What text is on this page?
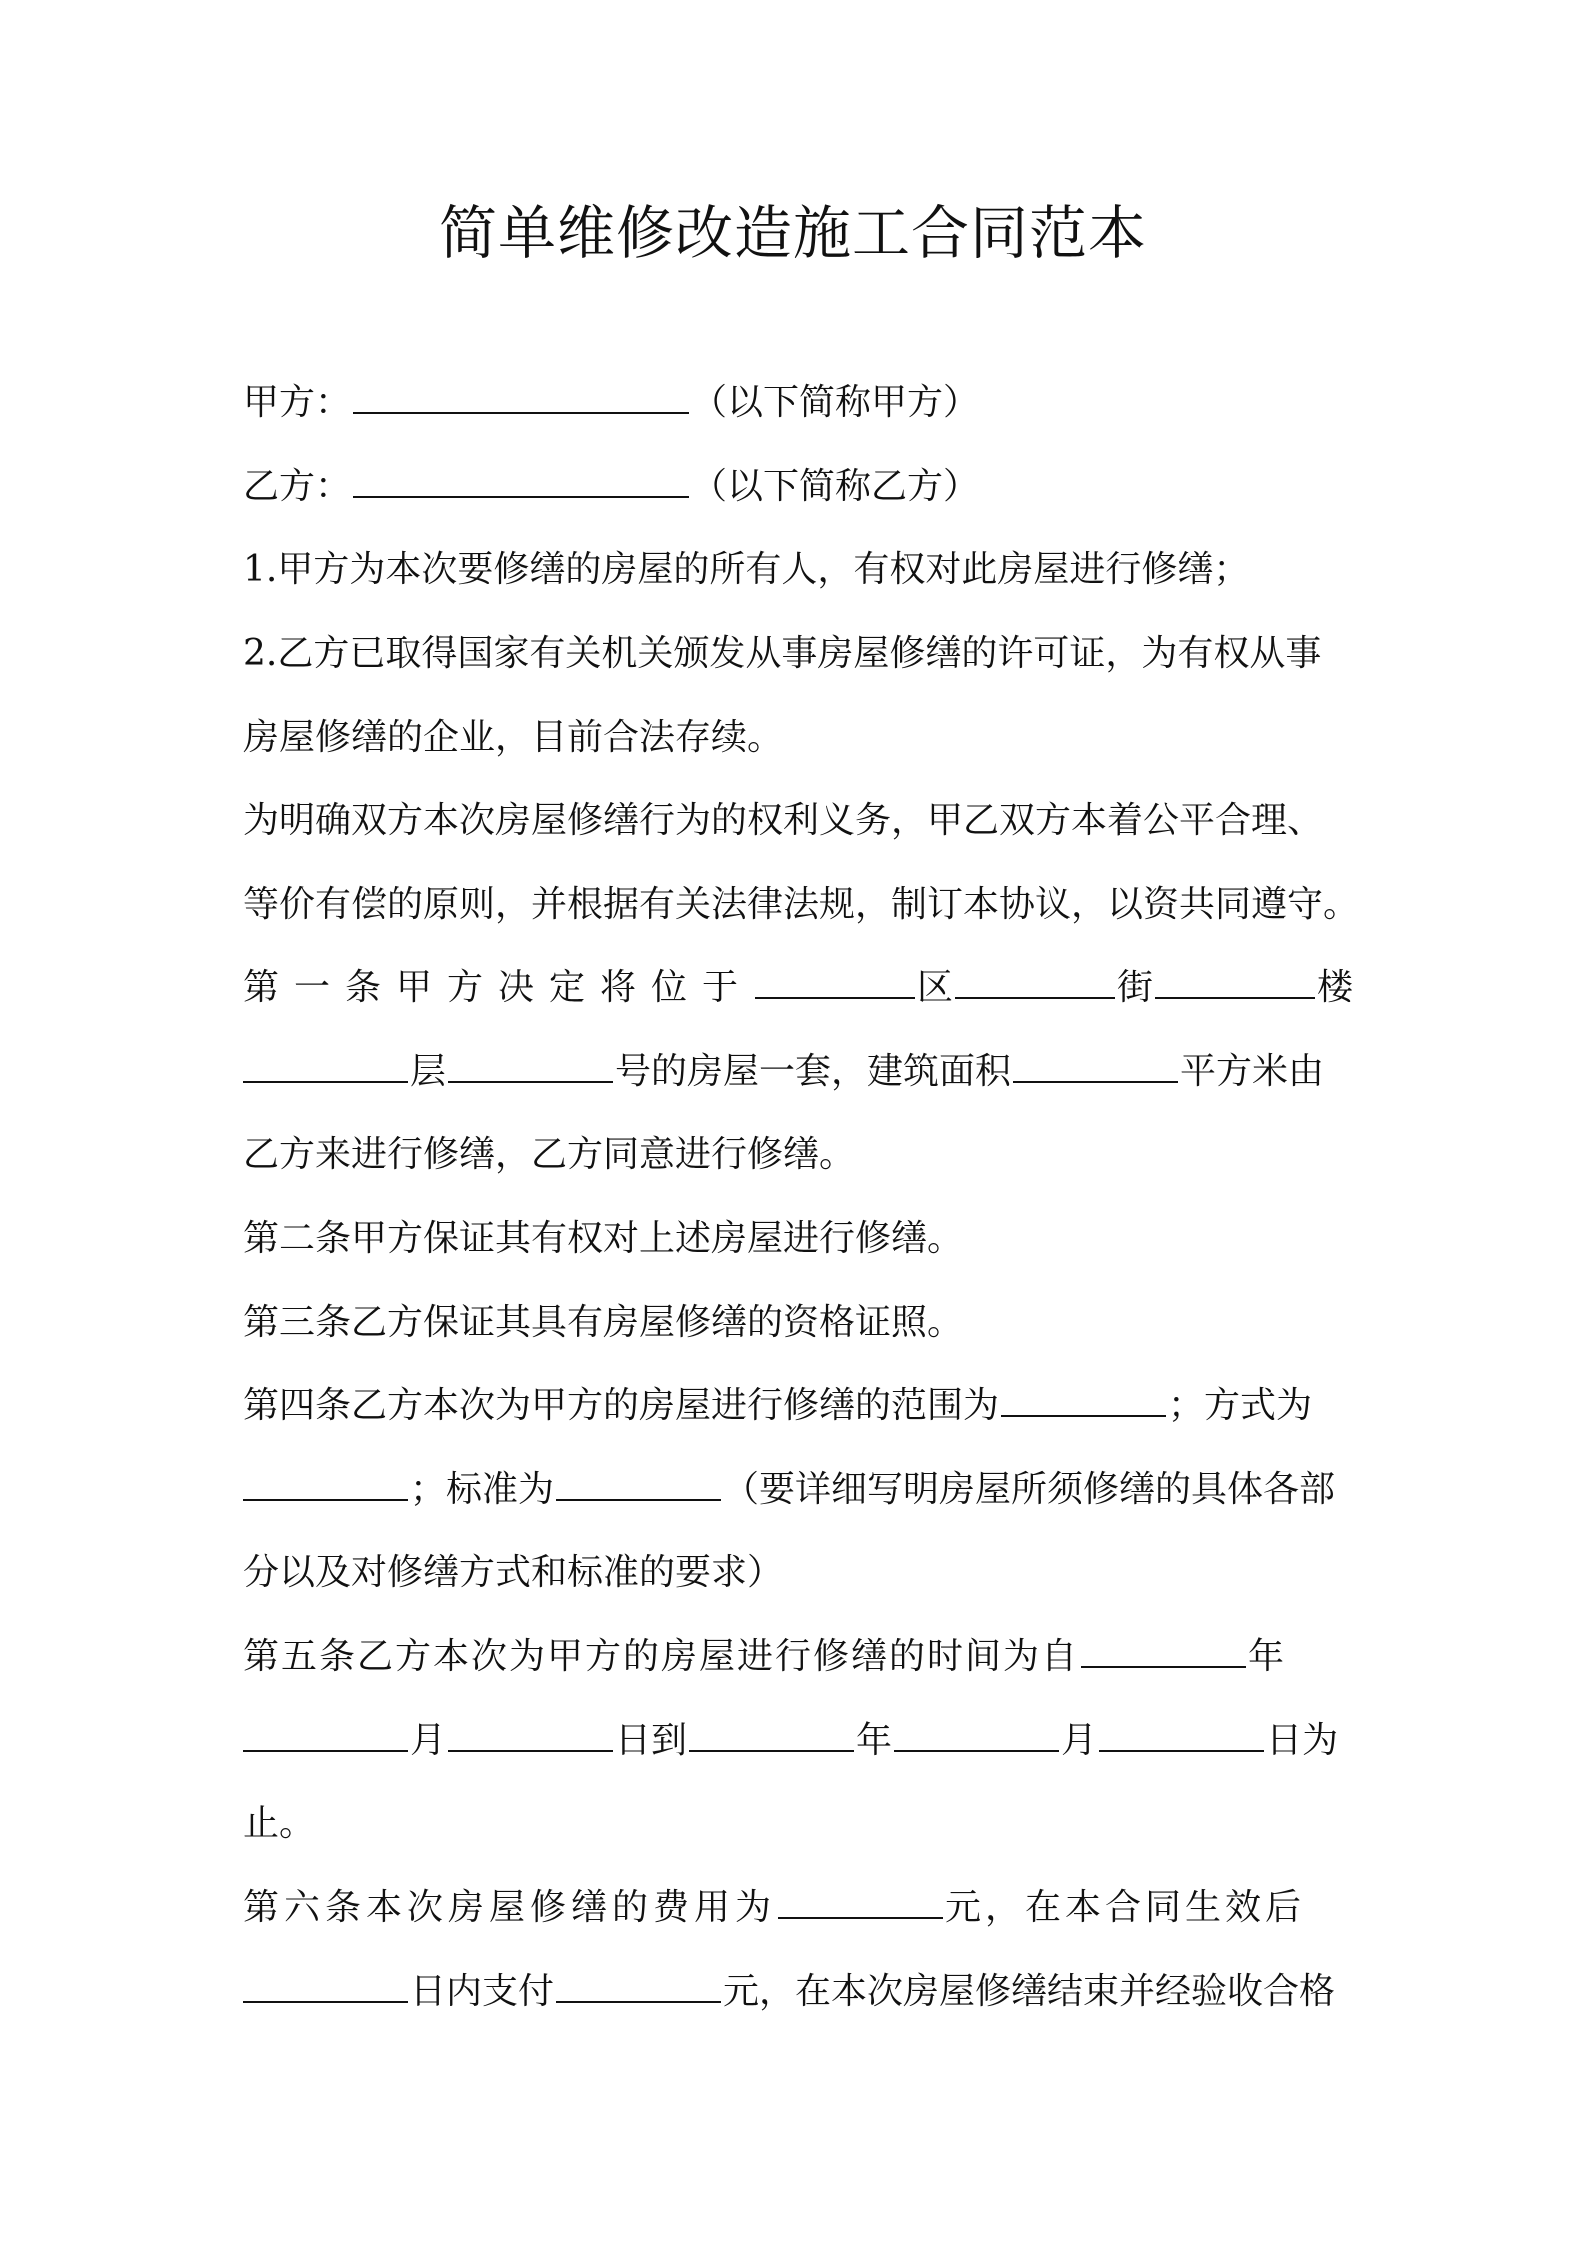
简单维修改造施工合同范本
甲方：	（以下简称甲方）
乙方：	（以下简称乙方）
1.甲方为本次要修缮的房屋的所有人，有权对此房屋进行修缮；
2.乙方已取得国家有关机关颁发从事房屋修缮的许可证，为有权从事
房屋修缮的企业，目前合法存续。
为明确双方本次房屋修缮行为的权利义务，甲乙双方本着公平合理、
等价有偿的原则，并根据有关法律法规，制订本协议，以资共同遵守。
第一条甲方决定将位于	区	街	楼
层	号的房屋一套，建筑面积	平方米由
乙方来进行修缮，乙方同意进行修缮。
第二条甲方保证其有权对上述房屋进行修缮。
第三条乙方保证其具有房屋修缮的资格证照。
第四条乙方本次为甲方的房屋进行修缮的范围为	；方式为
；标准为	（要详细写明房屋所须修缮的具体各部
分以及对修缮方式和标准的要求）
第五条乙方本次为甲方的房屋进行修缮的时间为自	年
月	日到	年	月	日为
止。
第六条本次房屋修缮的费用为	元，在本合同生效后
日内支付	元，在本次房屋修缮结束并经验收合格
